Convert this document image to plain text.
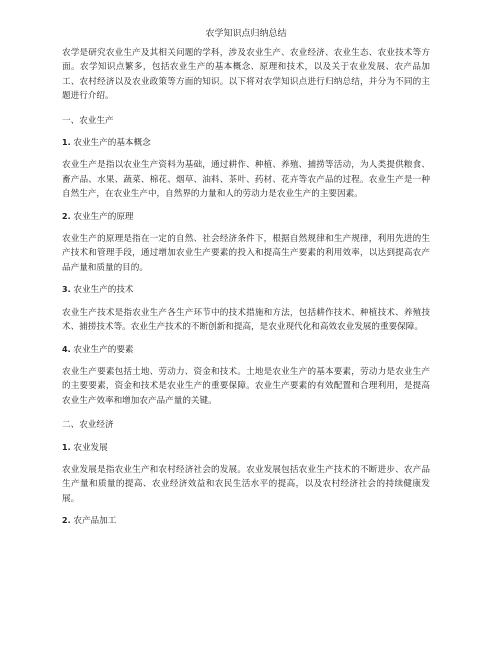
农学知识点归纳总结

农学是研究农业生产及其相关问题的学科，涉及农业生产、农业经济、农业生态、农业技术等方面。农学知识点繁多，包括农业生产的基本概念、原理和技术，以及关于农业发展、农产品加工、农村经济以及农业政策等方面的知识。以下将对农学知识点进行归纳总结，并分为不同的主题进行介绍。

一、农业生产
1. 农业生产的基本概念

农业生产是指以农业生产资料为基础，通过耕作、种植、养殖、捕捞等活动，为人类提供粮食、畜产品、水果、蔬菜、棉花、烟草、油料、茶叶、药材、花卉等农产品的过程。农业生产是一种自然生产，在农业生产中，自然界的力量和人的劳动力是农业生产的主要因素。

2. 农业生产的原理

农业生产的原理是指在一定的自然、社会经济条件下，根据自然规律和生产规律，利用先进的生产技术和管理手段，通过增加农业生产要素的投入和提高生产要素的利用效率，以达到提高农产品产量和质量的目的。

3. 农业生产的技术

农业生产技术是指农业生产各生产环节中的技术措施和方法，包括耕作技术、种植技术、养殖技术、捕捞技术等。农业生产技术的不断创新和提高，是农业现代化和高效农业发展的重要保障。

4. 农业生产的要素

农业生产要素包括土地、劳动力、资金和技术。土地是农业生产的基本要素，劳动力是农业生产的主要要素，资金和技术是农业生产的重要保障。农业生产要素的有效配置和合理利用，是提高农业生产效率和增加农产品产量的关键。

二、农业经济
1. 农业发展

农业发展是指农业生产和农村经济社会的发展。农业发展包括农业生产技术的不断进步、农产品生产量和质量的提高、农业经济效益和农民生活水平的提高，以及农村经济社会的持续健康发展。

2. 农产品加工
